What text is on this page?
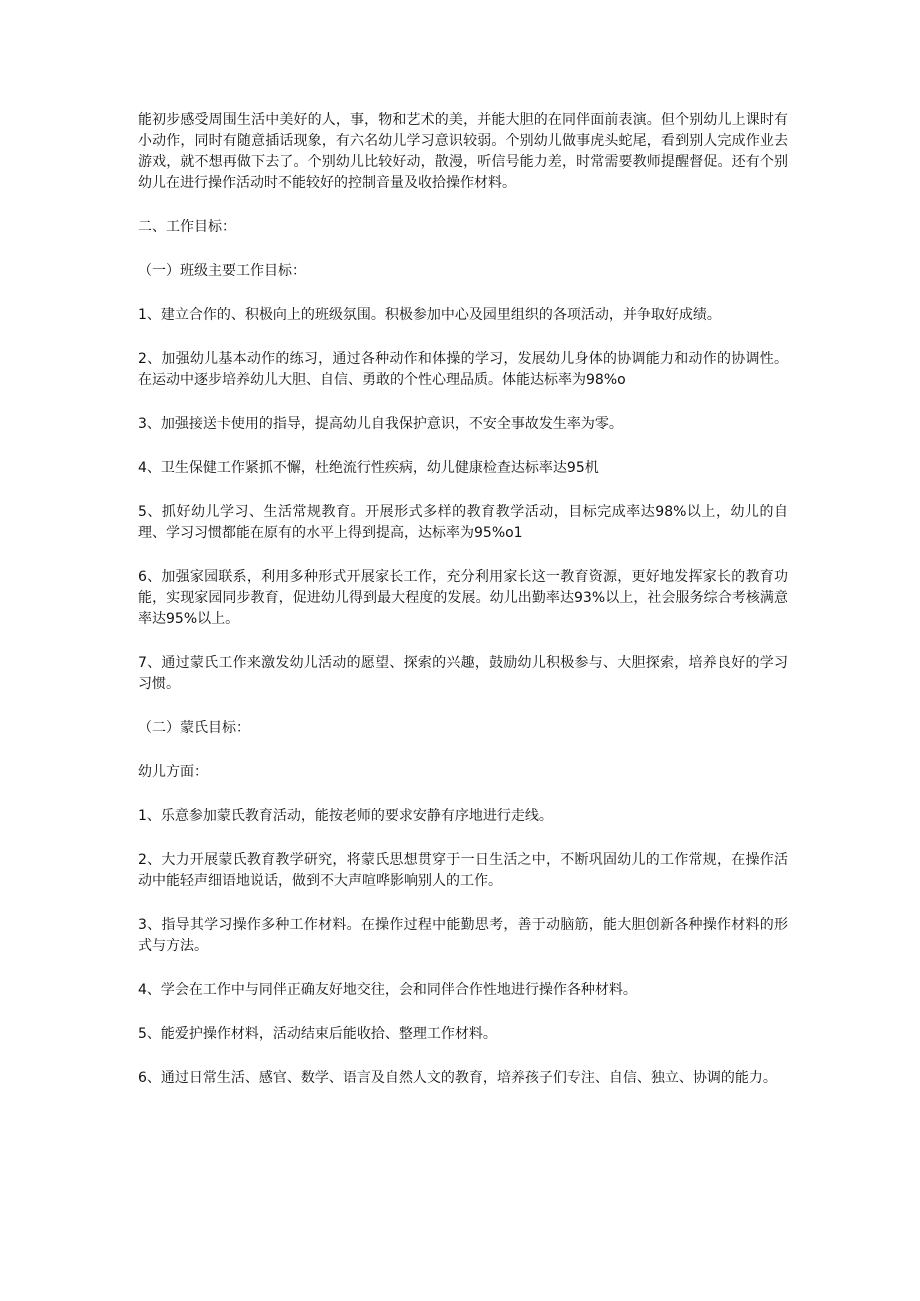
能初步感受周围生活中美好的人，事，物和艺术的美，并能大胆的在同伴面前表演。但个别幼儿上课时有小动作，同时有随意插话现象，有六名幼儿学习意识较弱。个别幼儿做事虎头蛇尾，看到别人完成作业去游戏，就不想再做下去了。个别幼儿比较好动，散漫，听信号能力差，时常需要教师提醒督促。还有个别幼儿在进行操作活动时不能较好的控制音量及收拾操作材料。

二、工作目标：

（一）班级主要工作目标：

1、建立合作的、积极向上的班级氛围。积极参加中心及园里组织的各项活动，并争取好成绩。

2、加强幼儿基本动作的练习，通过各种动作和体操的学习，发展幼儿身体的协调能力和动作的协调性。在运动中逐步培养幼儿大胆、自信、勇敢的个性心理品质。体能达标率为98%o

3、加强接送卡使用的指导，提高幼儿自我保护意识，不安全事故发生率为零。

4、卫生保健工作紧抓不懈，杜绝流行性疾病，幼儿健康检查达标率达95机

5、抓好幼儿学习、生活常规教育。开展形式多样的教育教学活动，目标完成率达98%以上，幼儿的自理、学习习惯都能在原有的水平上得到提高，达标率为95%o1

6、加强家园联系，利用多种形式开展家长工作，充分利用家长这一教育资源，更好地发挥家长的教育功能，实现家园同步教育，促进幼儿得到最大程度的发展。幼儿出勤率达93%以上，社会服务综合考核满意率达95%以上。

7、通过蒙氏工作来激发幼儿活动的愿望、探索的兴趣，鼓励幼儿积极参与、大胆探索，培养良好的学习习惯。

（二）蒙氏目标：

幼儿方面：

1、乐意参加蒙氏教育活动，能按老师的要求安静有序地进行走线。

2、大力开展蒙氏教育教学研究，将蒙氏思想贯穿于一日生活之中，不断巩固幼儿的工作常规，在操作活动中能轻声细语地说话，做到不大声喧哗影响别人的工作。

3、指导其学习操作多种工作材料。在操作过程中能勤思考，善于动脑筋，能大胆创新各种操作材料的形式与方法。

4、学会在工作中与同伴正确友好地交往，会和同伴合作性地进行操作各种材料。

5、能爱护操作材料，活动结束后能收拾、整理工作材料。

6、通过日常生活、感官、数学、语言及自然人文的教育，培养孩子们专注、自信、独立、协调的能力。
